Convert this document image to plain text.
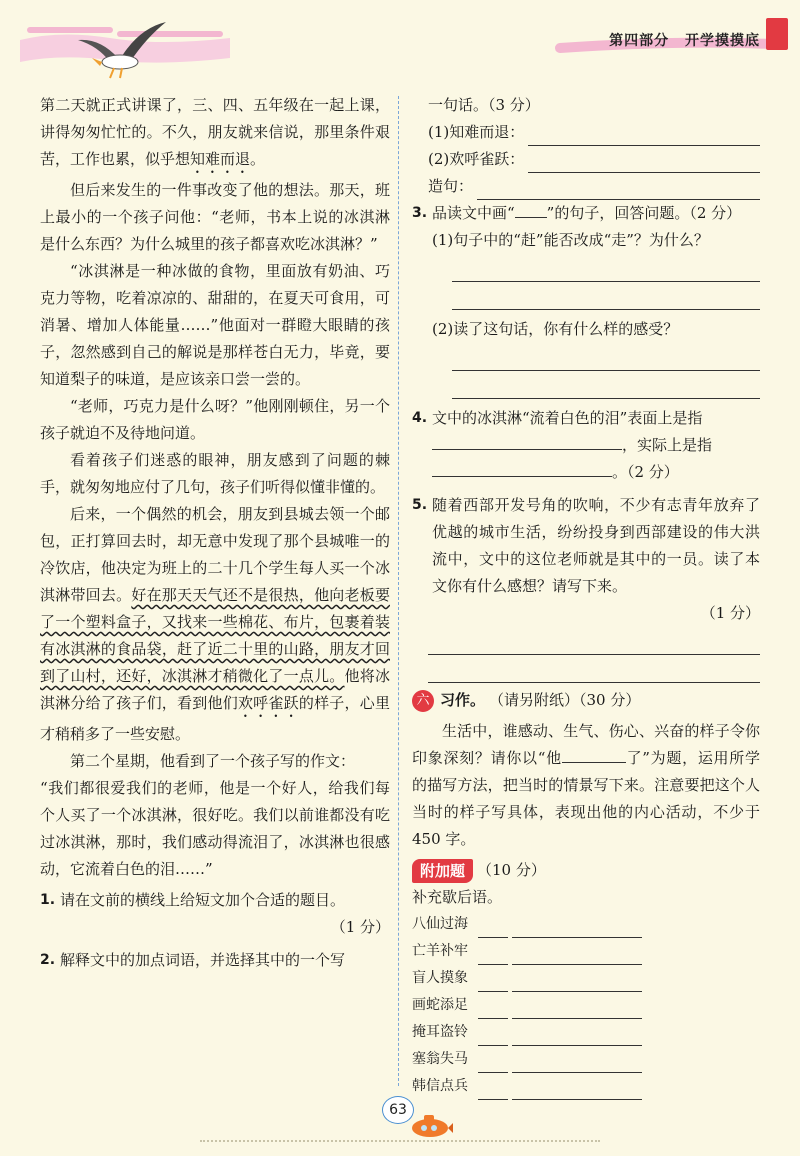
第四部分 开学摸摸底

第二天就正式讲课了，三、四、五年级在一起上课，讲得匆匆忙忙的。不久，朋友就来信说，那里条件艰苦，工作也累，似乎想知难而退。

但后来发生的一件事改变了他的想法。那天，班上最小的一个孩子问他：“老师，书本上说的冰淇淋是什么东西？为什么城里的孩子都喜欢吃冰淇淋？”

“冰淇淋是一种冰做的食物，里面放有奶油、巧克力等物，吃着凉凉的、甜甜的，在夏天可食用，可消暑、增加人体能量……”他面对一群瞪大眼睛的孩子，忽然感到自己的解说是那样苍白无力，毕竟，要知道梨子的味道，是应该亲口尝一尝的。

“老师，巧克力是什么呀？”他刚刚顿住，另一个孩子就迫不及待地问道。

看着孩子们迷惑的眼神，朋友感到了问题的棘手，就匆匆地应付了几句，孩子们听得似懂非懂的。

后来，一个偶然的机会，朋友到县城去领一个邮包，正打算回去时，却无意中发现了那个县城唯一的冷饮店，他决定为班上的二十几个学生每人买一个冰淇淋带回去。好在那天天气还不是很热，他向老板要了一个塑料盒子，又找来一些棉花、布片，包裹着装有冰淇淋的食品袋，赶了近二十里的山路，朋友才回到了山村，还好，冰淇淋才稍微化了一点儿。他将冰淇淋分给了孩子们，看到他们欢呼雀跃的样子，心里才稍稍多了一些安慰。

第二个星期，他看到了一个孩子写的作文：

“我们都很爱我们的老师，他是一个好人，给我们每个人买了一个冰淇淋，很好吃。我们以前谁都没有吃过冰淇淋，那时，我们感动得流泪了，冰淇淋也很感动，它流着白色的泪……”

1. 请在文前的横线上给短文加个合适的题目。

（1 分）

2. 解释文中的加点词语，并选择其中的一个写

一句话。（3 分）

(1)知难而退：
(2)欢呼雀跃：
造句：

3. 品读文中画“ ”的句子，回答问题。（2 分）

(1)句子中的“赶”能否改成“走”？为什么？

(2)读了这句话，你有什么样的感受？

4. 文中的冰淇淋“流着白色的泪”表面上是指

，实际上是指

。（2 分）

5. 随着西部开发号角的吹响，不少有志青年放弃了优越的城市生活，纷纷投身到西部建设的伟大洪流中，文中的这位老师就是其中的一员。读了本文你有什么感想？请写下来。

（1 分）

六 习作。 （请另附纸）（30 分）

生活中，谁感动、生气、伤心、兴奋的样子令你印象深刻？请你以“他	了”为题，运用所学的描写方法，把当时的情景写下来。注意要把这个人当时的样子写具体，表现出他的内心活动，不少于 450 字。

附加题 （10 分）

补充歇后语。

八仙过海
亡羊补牢
盲人摸象
画蛇添足
掩耳盗铃
塞翁失马
韩信点兵
63
